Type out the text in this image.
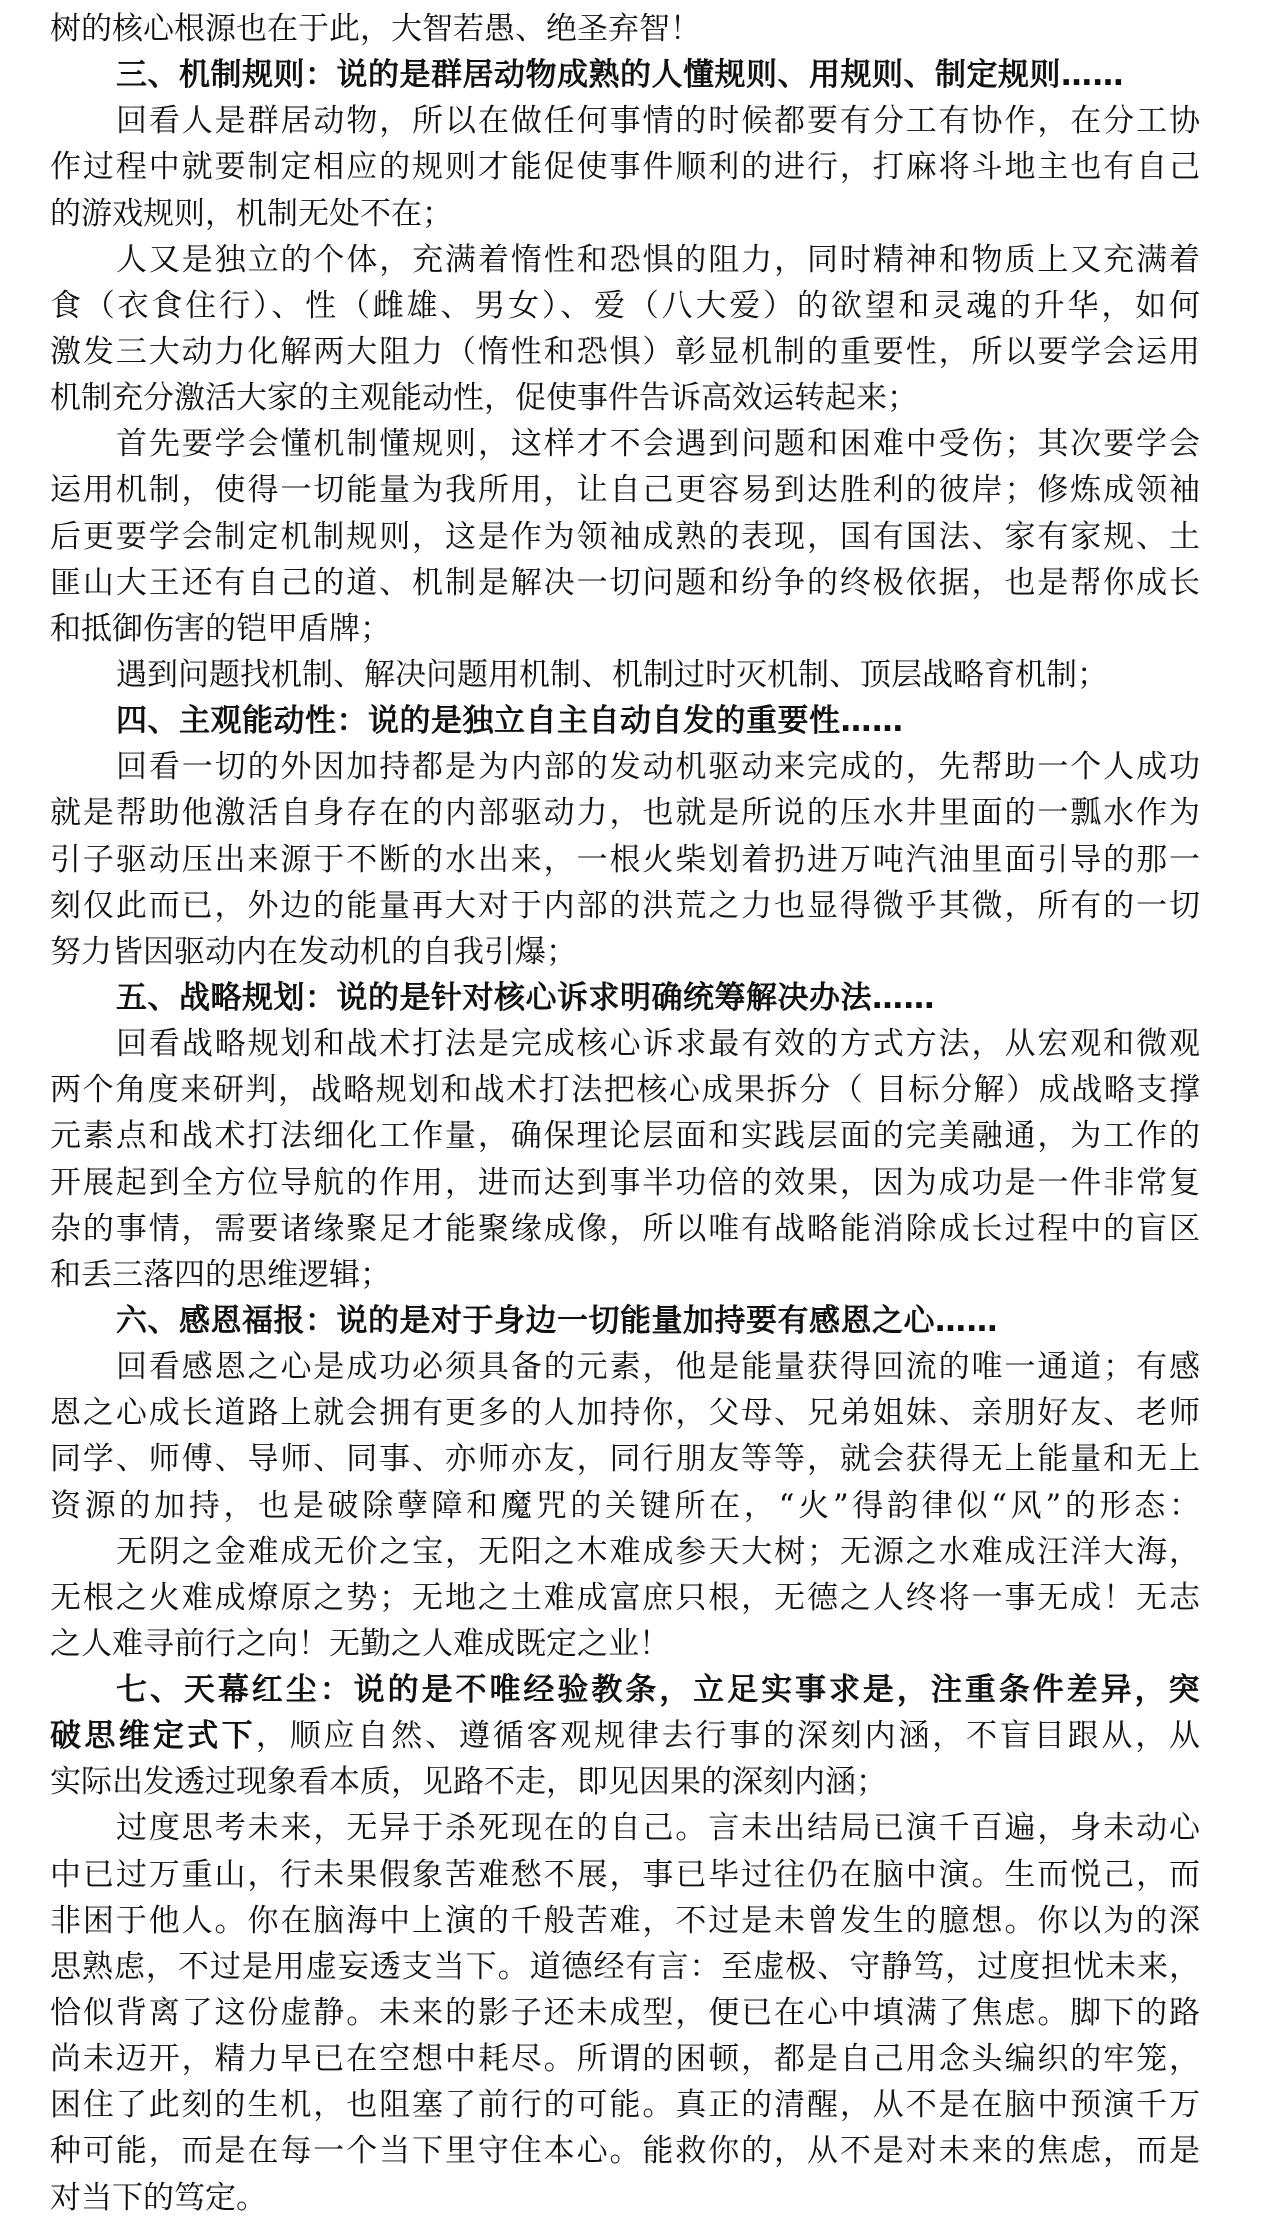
树的核心根源也在于此，大智若愚、绝圣弃智！
三、机制规则：说的是群居动物成熟的人懂规则、用规则、制定规则……
回看人是群居动物，所以在做任何事情的时候都要有分工有协作，在分工协
作过程中就要制定相应的规则才能促使事件顺利的进行，打麻将斗地主也有自己
的游戏规则，机制无处不在；
人又是独立的个体，充满着惰性和恐惧的阻力，同时精神和物质上又充满着
食（衣食住行）、性（雌雄、男女）、爱（八大爱）的欲望和灵魂的升华，如何
激发三大动力化解两大阻力（惰性和恐惧）彰显机制的重要性，所以要学会运用
机制充分激活大家的主观能动性，促使事件告诉高效运转起来；
首先要学会懂机制懂规则，这样才不会遇到问题和困难中受伤；其次要学会
运用机制，使得一切能量为我所用，让自己更容易到达胜利的彼岸；修炼成领袖
后更要学会制定机制规则，这是作为领袖成熟的表现，国有国法、家有家规、土
匪山大王还有自己的道、机制是解决一切问题和纷争的终极依据，也是帮你成长
和抵御伤害的铠甲盾牌；
遇到问题找机制、解决问题用机制、机制过时灭机制、顶层战略育机制；
四、主观能动性：说的是独立自主自动自发的重要性……
回看一切的外因加持都是为内部的发动机驱动来完成的，先帮助一个人成功
就是帮助他激活自身存在的内部驱动力，也就是所说的压水井里面的一瓢水作为
引子驱动压出来源于不断的水出来，一根火柴划着扔进万吨汽油里面引导的那一
刻仅此而已，外边的能量再大对于内部的洪荒之力也显得微乎其微，所有的一切
努力皆因驱动内在发动机的自我引爆；
五、战略规划：说的是针对核心诉求明确统筹解决办法……
回看战略规划和战术打法是完成核心诉求最有效的方式方法，从宏观和微观
两个角度来研判，战略规划和战术打法把核心成果拆分（ 目标分解）成战略支撑
元素点和战术打法细化工作量，确保理论层面和实践层面的完美融通，为工作的
开展起到全方位导航的作用，进而达到事半功倍的效果，因为成功是一件非常复
杂的事情，需要诸缘聚足才能聚缘成像，所以唯有战略能消除成长过程中的盲区
和丢三落四的思维逻辑；
六、感恩福报：说的是对于身边一切能量加持要有感恩之心……
回看感恩之心是成功必须具备的元素，他是能量获得回流的唯一通道；有感
恩之心成长道路上就会拥有更多的人加持你，父母、兄弟姐妹、亲朋好友、老师
同学、师傅、导师、同事、亦师亦友，同行朋友等等，就会获得无上能量和无上
资源的加持，也是破除孽障和魔咒的关键所在，“火”得韵律似“风”的形态：
无阴之金难成无价之宝，无阳之木难成参天大树；无源之水难成汪洋大海，
无根之火难成燎原之势；无地之土难成富庶只根，无德之人终将一事无成！无志
之人难寻前行之向！无勤之人难成既定之业！
七、天幕红尘：说的是不唯经验教条，立足实事求是，注重条件差异，突
破思维定式下，顺应自然、遵循客观规律去行事的深刻内涵，不盲目跟从，从
实际出发透过现象看本质，见路不走，即见因果的深刻内涵；
过度思考未来，无异于杀死现在的自己。言未出结局已演千百遍，身未动心
中已过万重山，行未果假象苦难愁不展，事已毕过往仍在脑中演。生而悦己，而
非困于他人。你在脑海中上演的千般苦难，不过是未曾发生的臆想。你以为的深
思熟虑，不过是用虚妄透支当下。道德经有言：至虚极、守静笃，过度担忧未来，
恰似背离了这份虚静。未来的影子还未成型，便已在心中填满了焦虑。脚下的路
尚未迈开，精力早已在空想中耗尽。所谓的困顿，都是自己用念头编织的牢笼，
困住了此刻的生机，也阻塞了前行的可能。真正的清醒，从不是在脑中预演千万
种可能，而是在每一个当下里守住本心。能救你的，从不是对未来的焦虑，而是
对当下的笃定。
